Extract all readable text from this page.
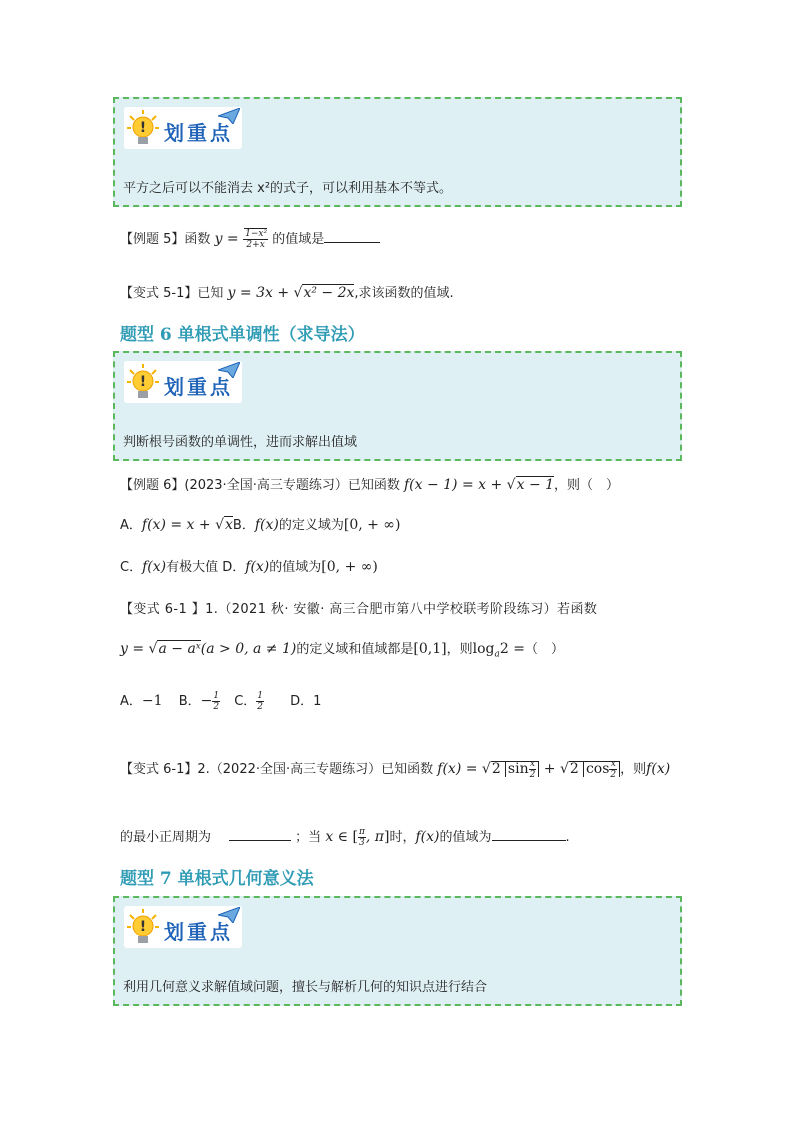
! 划重点
平方之后可以不能消去 x²的式子，可以利用基本不等式。
【例题 5】函数 $y = \frac{\text{1−x²}}{2+x}$ 的值域是
【变式 5-1】已知 y = 3x + √x² − 2x,求该函数的值域.
题型 6 单根式单调性（求导法）
! 划重点
判断根号函数的单调性，进而求解出值域
【例题 6】(2023·全国·高三专题练习）已知函数 f(x − 1) = x + √x − 1，则（　）
A．f(x) = x + √xB．f(x)的定义域为[0, + ∞)
C．f(x)有极大值 D．f(x)的值域为[0, + ∞)
【变式 6-1 】1.（2021 秋· 安徽· 高三合肥市第八中学校联考阶段练习）若函数
y = √a − aˣ(a > 0, a ≠ 1)的定义域和值域都是[0,1]，则$\log_a2$ =（　）
A．−1 B．− $\frac{1}{2}$ C． $\frac{1}{2}$ D．1
【变式 6-1】2.（2022·全国·高三专题练习）已知函数 f(x) = √2 $\sin \frac{x}{2} + √2$ $\cos \frac{x}{2}$ ，则f(x)
的最小正周期为	；当 x ∈ [ $\frac{\pi}{3}$ , π]时，f(x)的值域为	.
题型 7 单根式几何意义法
! 划重点
利用几何意义求解值域问题，擅长与解析几何的知识点进行结合
